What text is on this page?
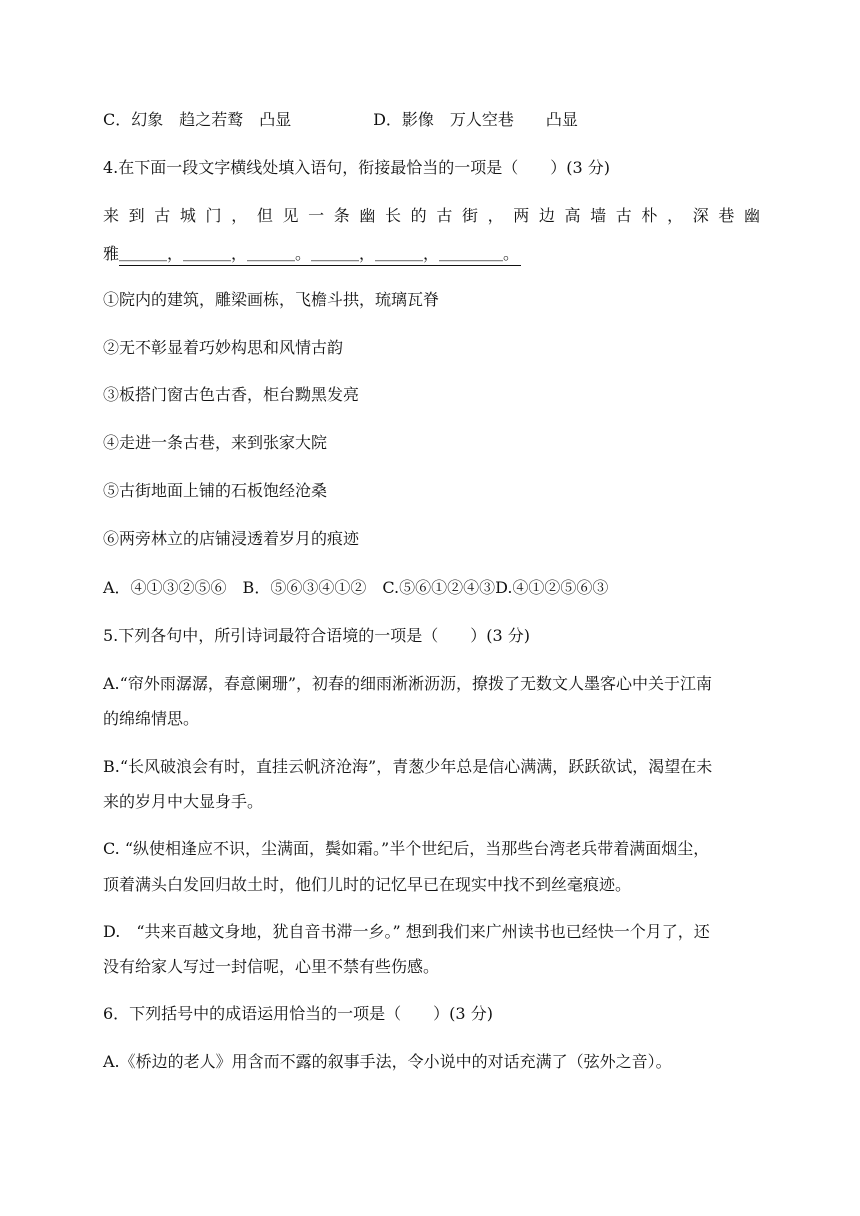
C．幻象　趋之若鹜　凸显	D．影像　万人空巷　　凸显
4.在下面一段文字横线处填入语句，衔接最恰当的一项是（　　）(3 分)
来 到 古 城 门 ， 但 见 一 条 幽 长 的 古 街 ， 两 边 高 墙 古 朴 ， 深 巷 幽
雅＿＿＿，＿＿＿，＿＿＿。＿＿＿，＿＿＿，＿＿＿＿。
①院内的建筑，雕梁画栋，飞檐斗拱，琉璃瓦脊
②无不彰显着巧妙构思和风情古韵
③板搭门窗古色古香，柜台黝黑发亮
④走进一条古巷，来到张家大院
⑤古街地面上铺的石板饱经沧桑
⑥两旁林立的店铺浸透着岁月的痕迹
A．④①③②⑤⑥　B．⑤⑥③④①②　C.⑤⑥①②④③D.④①②⑤⑥③
5.下列各句中，所引诗词最符合语境的一项是（　　）(3 分)
A.“帘外雨潺潺，春意阑珊”，初春的细雨淅淅沥沥，撩拨了无数文人墨客心中关于江南
的绵绵情思。
B.“长风破浪会有时，直挂云帆济沧海”，青葱少年总是信心满满，跃跃欲试，渴望在未
来的岁月中大显身手。
C. “纵使相逢应不识，尘满面，鬓如霜。”半个世纪后，当那些台湾老兵带着满面烟尘，
顶着满头白发回归故土时，他们儿时的记忆早已在现实中找不到丝毫痕迹。
D.　“共来百越文身地，犹自音书滞一乡。” 想到我们来广州读书也已经快一个月了，还
没有给家人写过一封信呢，心里不禁有些伤感。
6．下列括号中的成语运用恰当的一项是（　　）(3 分)
A.《桥边的老人》用含而不露的叙事手法，令小说中的对话充满了（弦外之音）。
